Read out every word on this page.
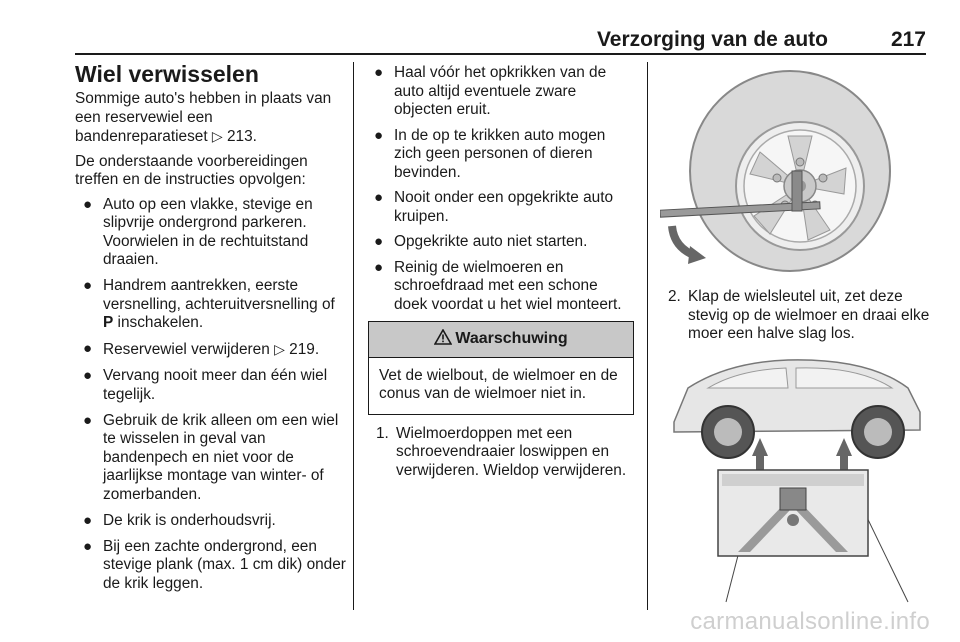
Verzorging van de auto	217
Wiel verwisselen

Sommige auto's hebben in plaats van een reservewiel een bandenreparatieset ▷ 213.

De onderstaande voorbereidingen treffen en de instructies opvolgen:

● Auto op een vlakke, stevige en slipvrije ondergrond parkeren. Voorwielen in de rechtuitstand draaien.
● Handrem aantrekken, eerste versnelling, achteruitversnelling of P inschakelen.
● Reservewiel verwijderen ▷ 219.
● Vervang nooit meer dan één wiel tegelijk.
● Gebruik de krik alleen om een wiel te wisselen in geval van bandenpech en niet voor de jaarlijkse montage van winter- of zomerbanden.
● De krik is onderhoudsvrij.
● Bij een zachte ondergrond, een stevige plank (max. 1 cm dik) onder de krik leggen.
● Haal vóór het opkrikken van de auto altijd eventuele zware objecten eruit.
● In de op te krikken auto mogen zich geen personen of dieren bevinden.
● Nooit onder een opgekrikte auto kruipen.
● Opgekrikte auto niet starten.
● Reinig de wielmoeren en schroefdraad met een schone doek voordat u het wiel monteert.
Waarschuwing
Vet de wielbout, de wielmoer en de conus van de wielmoer niet in.
1. Wielmoerdoppen met een schroevendraaier loswippen en verwijderen. Wieldop verwijderen.
2. Klap de wielsleutel uit, zet deze stevig op de wielmoer en draai elke moer een halve slag los.
carmanualsonline.info
